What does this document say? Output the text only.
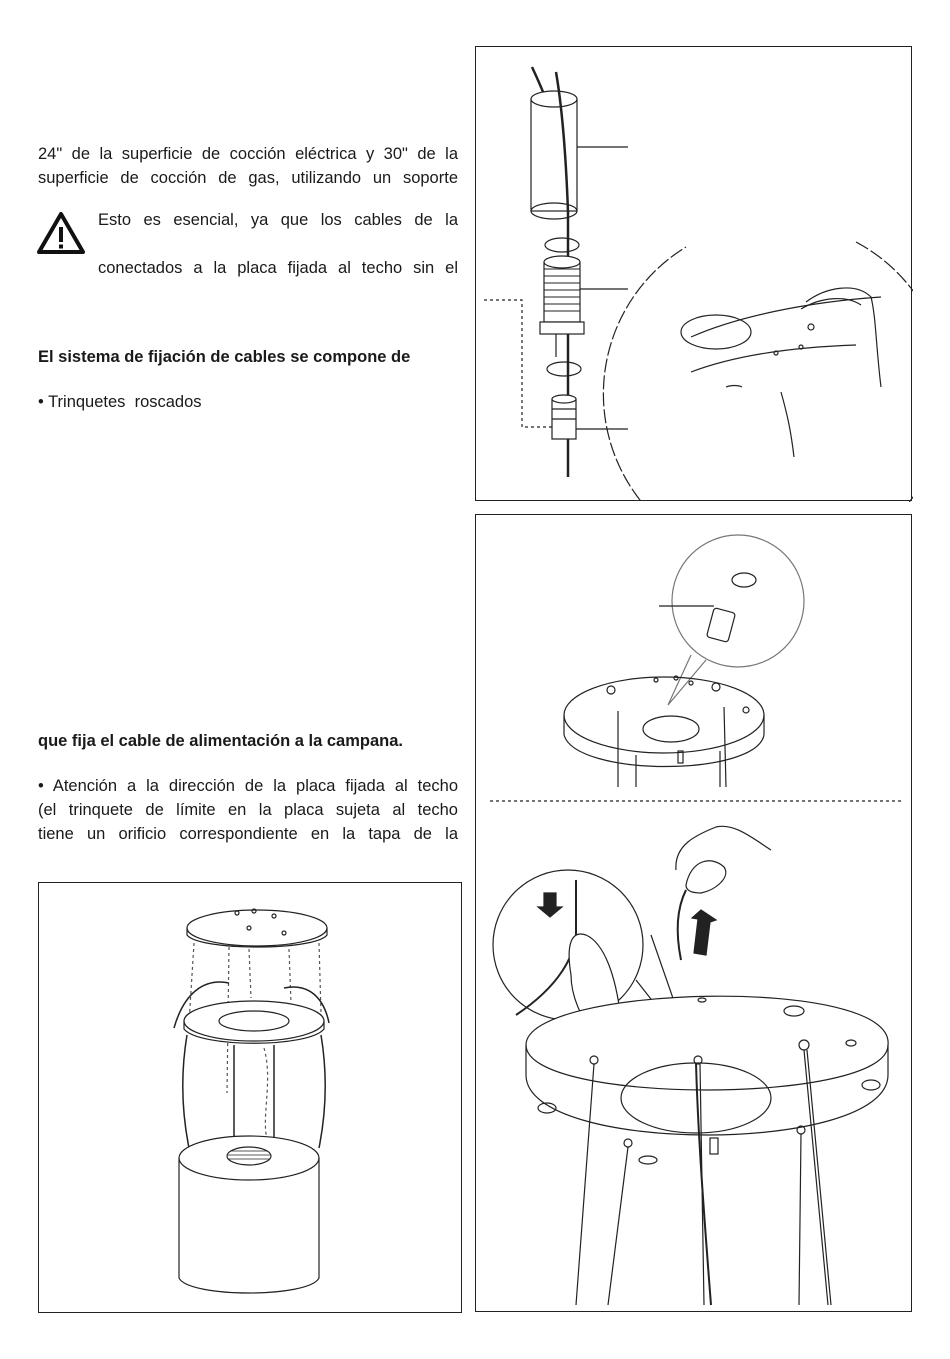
24" de la superficie de cocción eléctrica y 30" de la

superficie de cocción de gas, utilizando un soporte

Esto es esencial, ya que los cables de la

conectados a la placa fijada al techo sin el

El sistema de fijación de cables se compone de

• Trinquetes  roscados

que fija el cable de alimentación a la campana.

• Atención a la dirección de la placa fijada al techo

(el trinquete de límite en la placa sujeta al techo

tiene un orificio correspondiente en la tapa de la
